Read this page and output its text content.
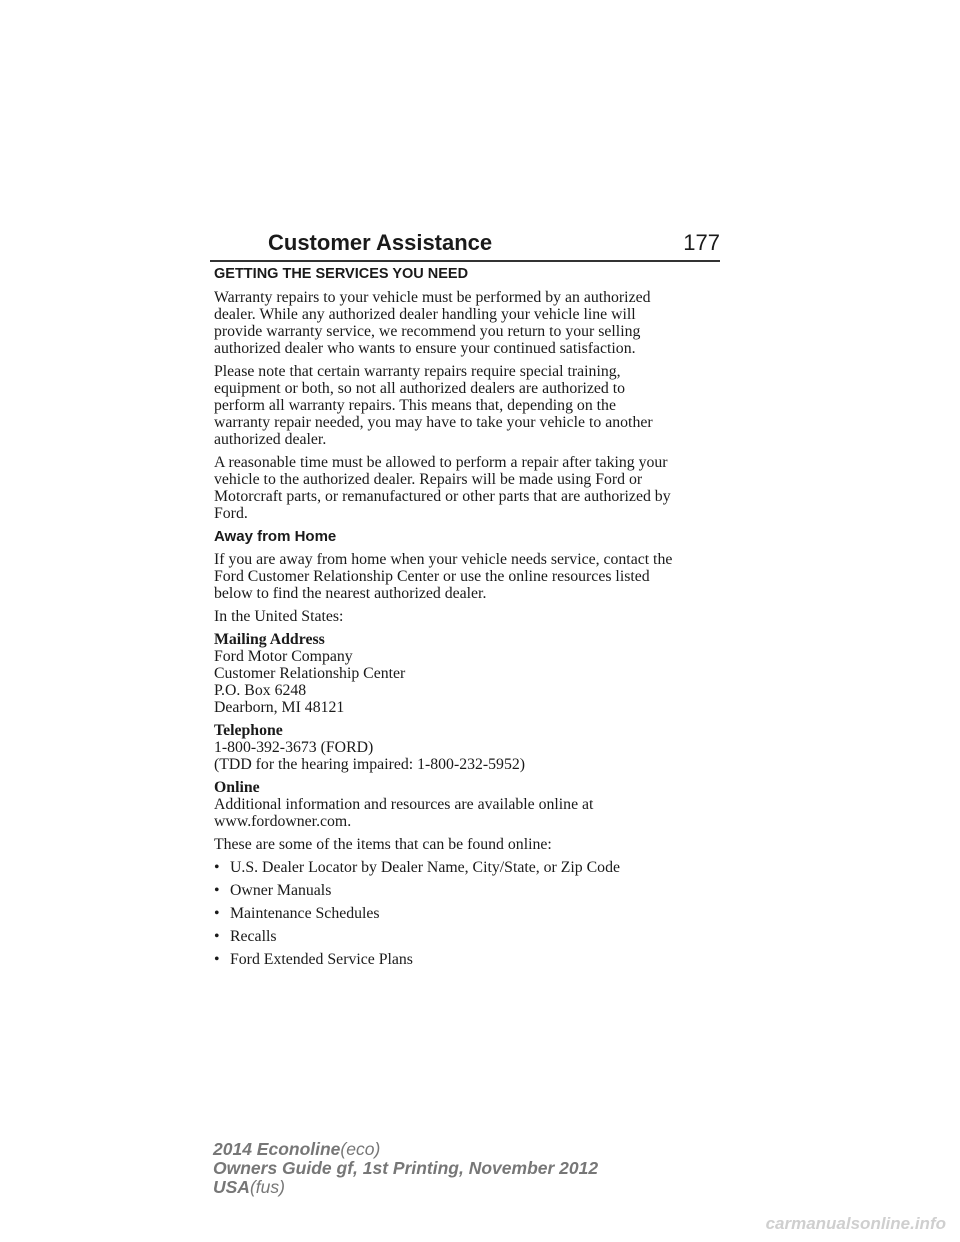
Customer Assistance	177
GETTING THE SERVICES YOU NEED

Warranty repairs to your vehicle must be performed by an authorized
dealer. While any authorized dealer handling your vehicle line will
provide warranty service, we recommend you return to your selling
authorized dealer who wants to ensure your continued satisfaction.

Please note that certain warranty repairs require special training,
equipment or both, so not all authorized dealers are authorized to
perform all warranty repairs. This means that, depending on the
warranty repair needed, you may have to take your vehicle to another
authorized dealer.

A reasonable time must be allowed to perform a repair after taking your
vehicle to the authorized dealer. Repairs will be made using Ford or
Motorcraft parts, or remanufactured or other parts that are authorized by
Ford.

Away from Home

If you are away from home when your vehicle needs service, contact the
Ford Customer Relationship Center or use the online resources listed
below to find the nearest authorized dealer.

In the United States:

Mailing Address
Ford Motor Company
Customer Relationship Center
P.O. Box 6248
Dearborn, MI 48121
Telephone
1-800-392-3673 (FORD)
(TDD for the hearing impaired: 1-800-232-5952)
Online
Additional information and resources are available online at
www.fordowner.com.

These are some of the items that can be found online:

• U.S. Dealer Locator by Dealer Name, City/State, or Zip Code
• Owner Manuals
• Maintenance Schedules
• Recalls
• Ford Extended Service Plans
2014 Econoline(eco)
Owners Guide gf, 1st Printing, November 2012
USA(fus)
carmanualsonline.info
